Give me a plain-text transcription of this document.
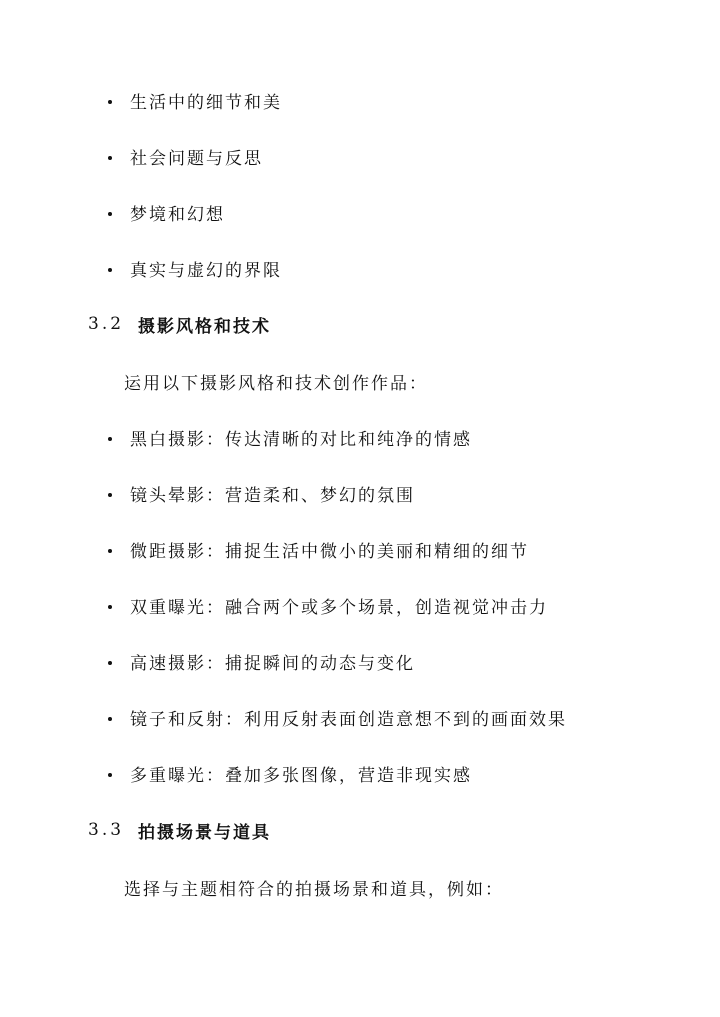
生活中的细节和美
社会问题与反思
梦境和幻想
真实与虚幻的界限
3.2 摄影风格和技术
运用以下摄影风格和技术创作作品：
黑白摄影：传达清晰的对比和纯净的情感
镜头晕影：营造柔和、梦幻的氛围
微距摄影：捕捉生活中微小的美丽和精细的细节
双重曝光：融合两个或多个场景，创造视觉冲击力
高速摄影：捕捉瞬间的动态与变化
镜子和反射：利用反射表面创造意想不到的画面效果
多重曝光：叠加多张图像，营造非现实感
3.3 拍摄场景与道具
选择与主题相符合的拍摄场景和道具，例如：
